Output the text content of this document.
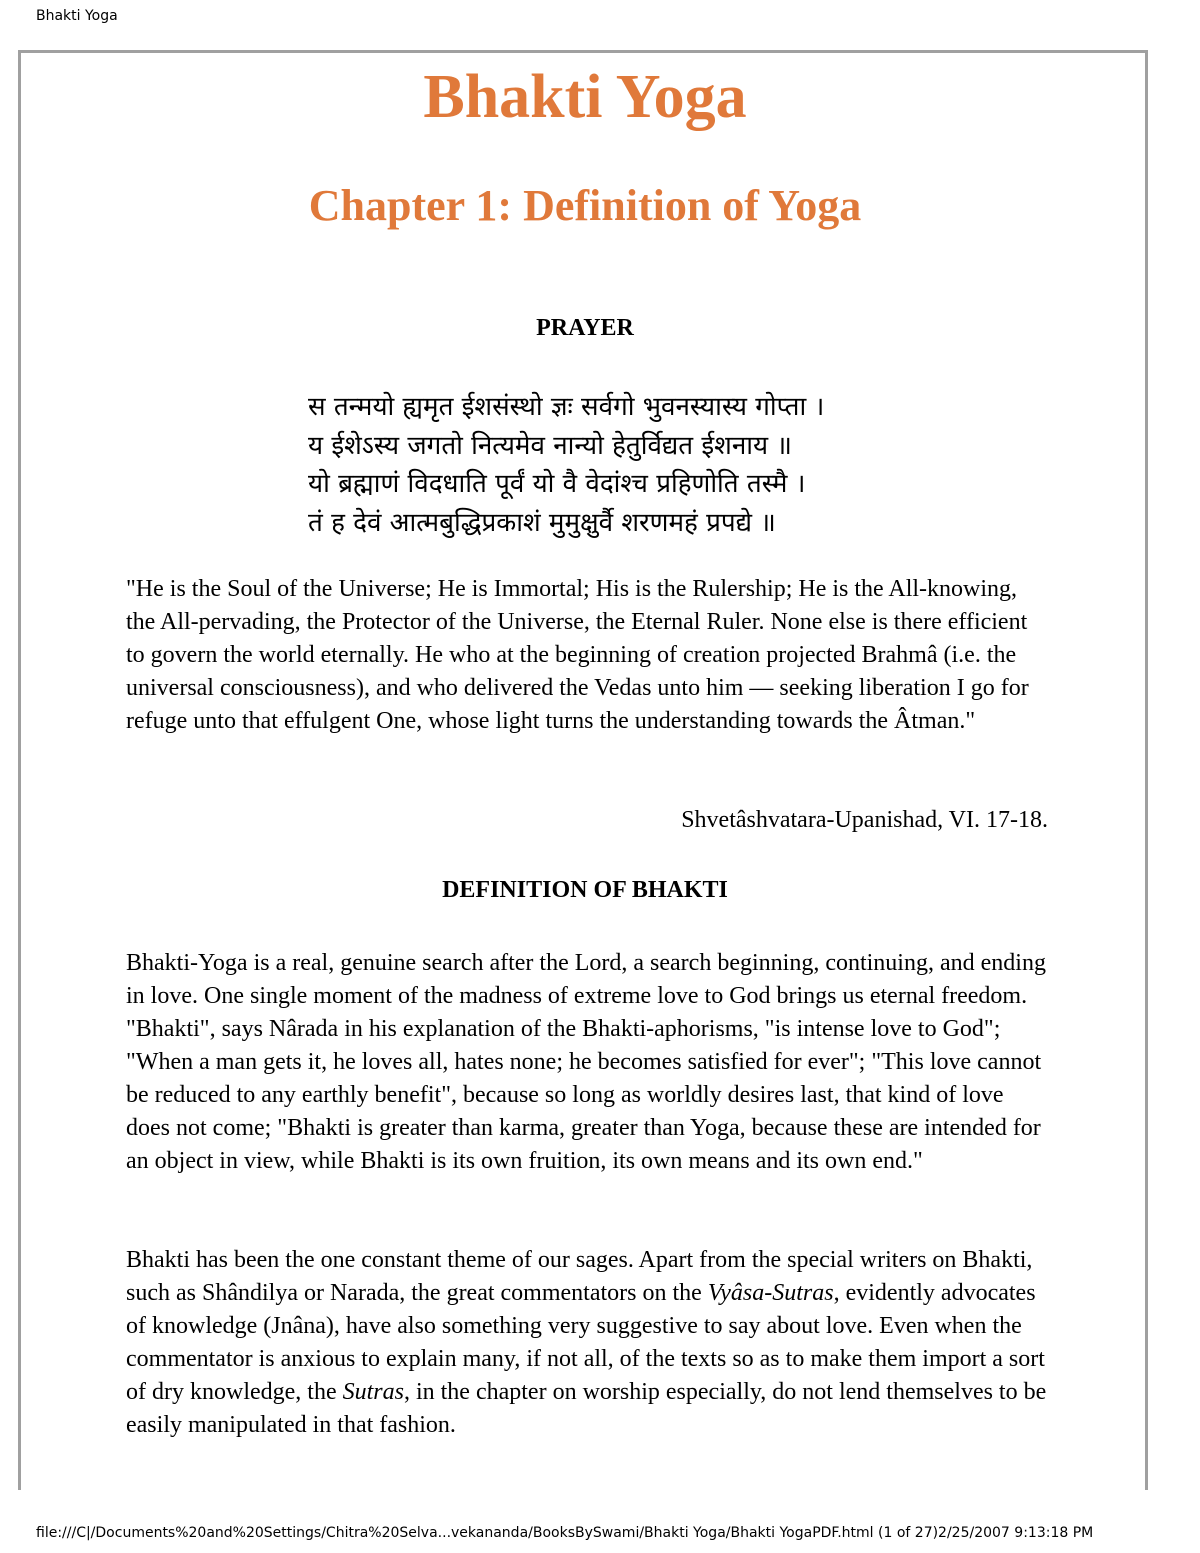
Bhakti Yoga
Bhakti Yoga
Chapter 1: Definition of Yoga
PRAYER
स तन्मयो ह्यमृत ईशसंस्थो ज्ञः सर्वगो भुवनस्यास्य गोप्ता ।
य ईशेऽस्य जगतो नित्यमेव नान्यो हेतुर्विद्यत ईशनाय ॥
यो ब्रह्माणं विदधाति पूर्वं यो वै वेदांश्च प्रहिणोति तस्मै ।
तं ह देवं आत्मबुद्धिप्रकाशं मुमुक्षुर्वै शरणमहं प्रपद्ये ॥

"He is the Soul of the Universe; He is Immortal; His is the Rulership; He is the All-knowing, the All-pervading, the Protector of the Universe, the Eternal Ruler. None else is there efficient to govern the world eternally. He who at the beginning of creation projected Brahmâ (i.e. the universal consciousness), and who delivered the Vedas unto him — seeking liberation I go for refuge unto that effulgent One, whose light turns the understanding towards the Âtman."

Shvetâshvatara-Upanishad, VI. 17-18.

DEFINITION OF BHAKTI

Bhakti-Yoga is a real, genuine search after the Lord, a search beginning, continuing, and ending in love. One single moment of the madness of extreme love to God brings us eternal freedom. "Bhakti", says Nârada in his explanation of the Bhakti-aphorisms, "is intense love to God"; "When a man gets it, he loves all, hates none; he becomes satisfied for ever"; "This love cannot be reduced to any earthly benefit", because so long as worldly desires last, that kind of love does not come; "Bhakti is greater than karma, greater than Yoga, because these are intended for an object in view, while Bhakti is its own fruition, its own means and its own end."

Bhakti has been the one constant theme of our sages. Apart from the special writers on Bhakti, such as Shândilya or Narada, the great commentators on the Vyâsa-Sutras, evidently advocates of knowledge (Jnâna), have also something very suggestive to say about love. Even when the commentator is anxious to explain many, if not all, of the texts so as to make them import a sort of dry knowledge, the Sutras, in the chapter on worship especially, do not lend themselves to be easily manipulated in that fashion.

file:///C|/Documents%20and%20Settings/Chitra%20Selva...vekananda/BooksBySwami/Bhakti Yoga/Bhakti YogaPDF.html (1 of 27)2/25/2007 9:13:18 PM
